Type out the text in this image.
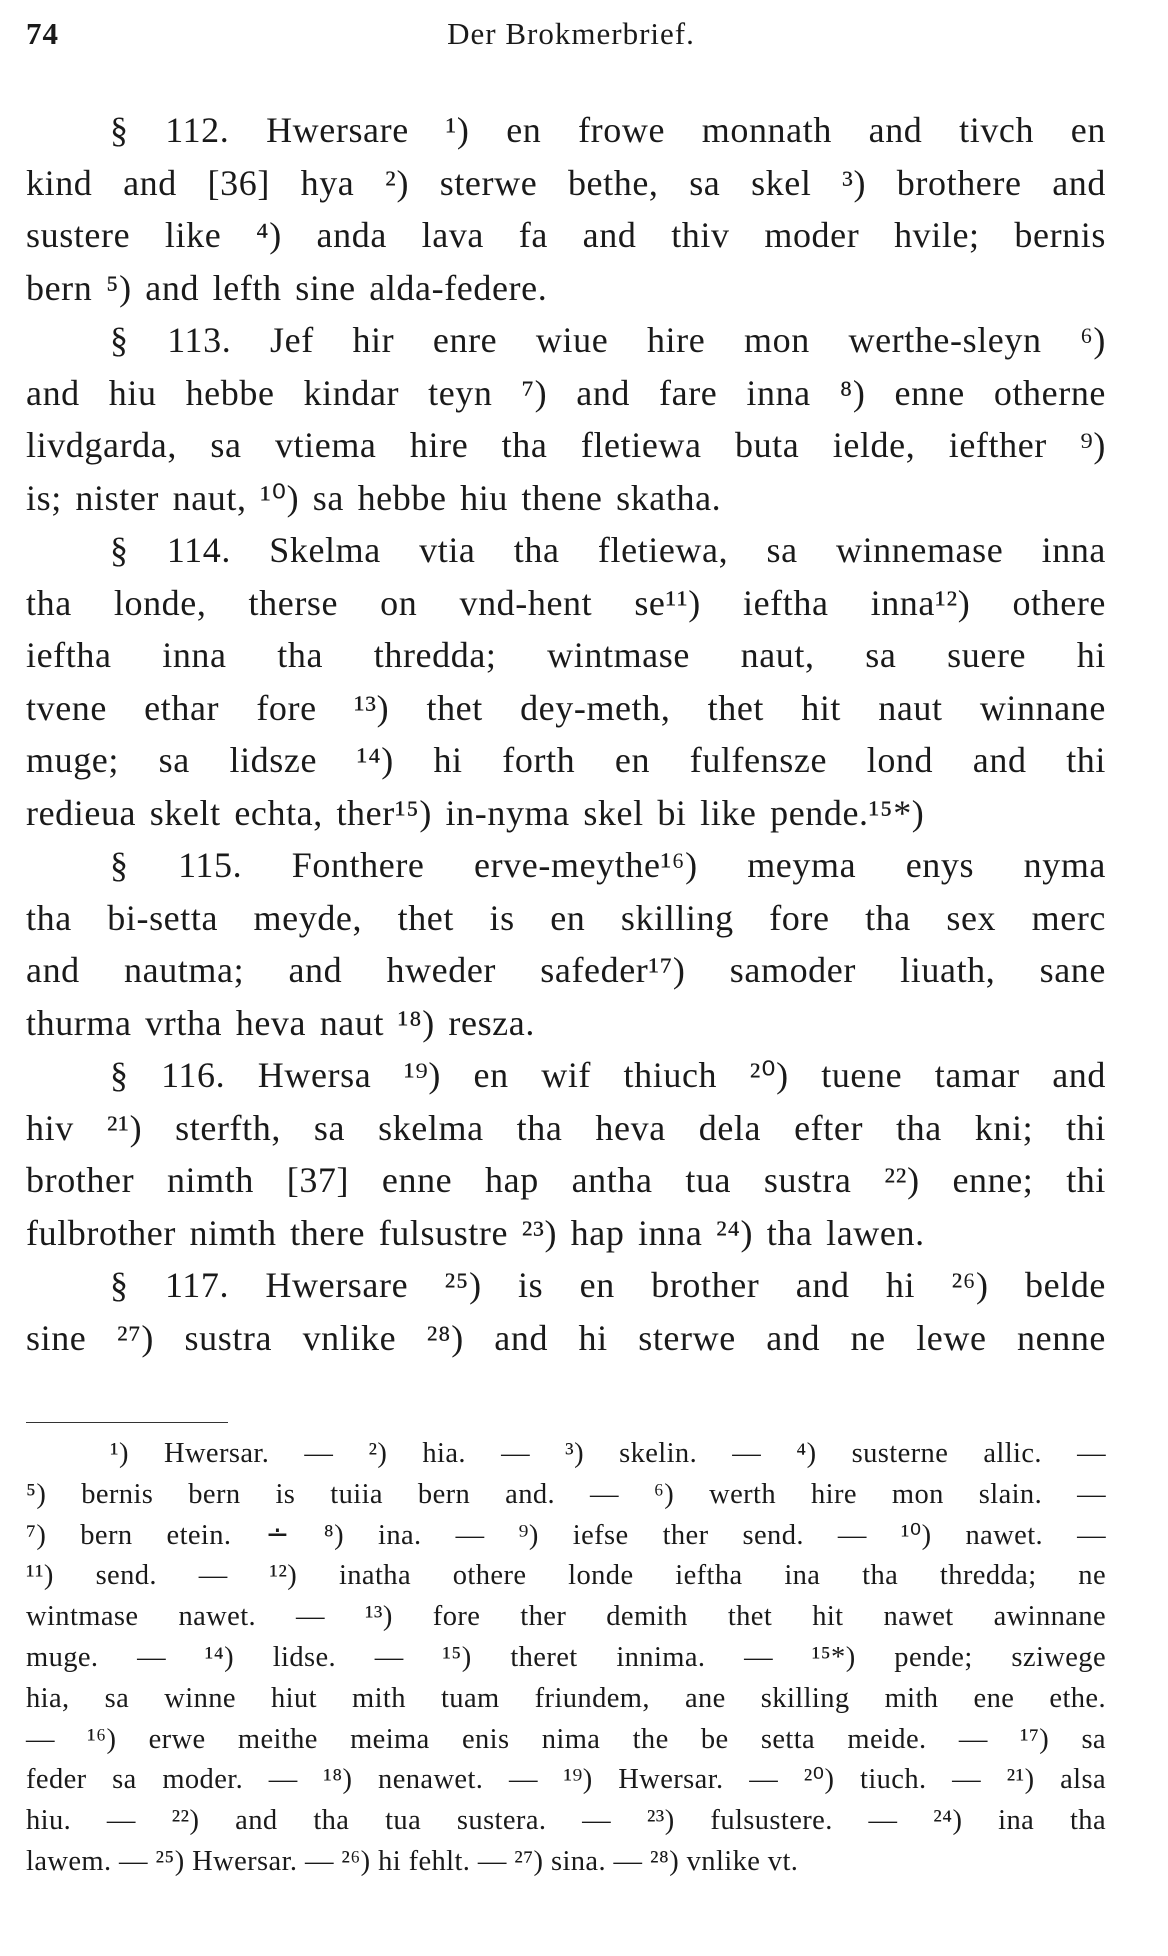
74	Der Brokmerbrief.
§ 112. Hwersare ¹) en frowe monnath and tivch en
kind and [36] hya ²) sterwe bethe, sa skel ³) brothere and
sustere like ⁴) anda lava fa and thiv moder hvile; bernis
bern ⁵) and lefth sine alda-federe.
§ 113. Jef hir enre wiue hire mon werthe-sleyn ⁶)
and hiu hebbe kindar teyn ⁷) and fare inna ⁸) enne otherne
livdgarda, sa vtiema hire tha fletiewa buta ielde, iefther ⁹)
is; nister naut, ¹⁰) sa hebbe hiu thene skatha.
§ 114. Skelma vtia tha fletiewa, sa winnemase inna
tha londe, therse on vnd-hent se¹¹) ieftha inna¹²) othere
ieftha inna tha thredda; wintmase naut, sa suere hi
tvene ethar fore ¹³) thet dey-meth, thet hit naut winnane
muge; sa lidsze ¹⁴) hi forth en fulfensze lond and thi
redieua skelt echta, ther¹⁵) in-nyma skel bi like pende.¹⁵*)
§ 115. Fonthere erve-meythe¹⁶) meyma enys nyma
tha bi-setta meyde, thet is en skilling fore tha sex merc
and nautma; and hweder safeder¹⁷) samoder liuath, sane
thurma vrtha heva naut ¹⁸) resza.
§ 116. Hwersa ¹⁹) en wif thiuch ²⁰) tuene tamar and
hiv ²¹) sterfth, sa skelma tha heva dela efter tha kni; thi
brother nimth [37] enne hap antha tua sustra ²²) enne; thi
fulbrother nimth there fulsustre ²³) hap inna ²⁴) tha lawen.
§ 117. Hwersare ²⁵) is en brother and hi ²⁶) belde
sine ²⁷) sustra vnlike ²⁸) and hi sterwe and ne lewe nenne
¹) Hwersar. — ²) hia. — ³) skelin. — ⁴) susterne allic. —
⁵) bernis bern is tuiia bern and. — ⁶) werth hire mon slain. —
⁷) bern etein. ∸ ⁸) ina. — ⁹) iefse ther send. — ¹⁰) nawet. —
¹¹) send. — ¹²) inatha othere londe ieftha ina tha thredda; ne
wintmase nawet. — ¹³) fore ther demith thet hit nawet awinnane
muge. — ¹⁴) lidse. — ¹⁵) theret innima. — ¹⁵*) pende; sziwege
hia, sa winne hiut mith tuam friundem, ane skilling mith ene ethe.
— ¹⁶) erwe meithe meima enis nima the be setta meide. — ¹⁷) sa
feder sa moder. — ¹⁸) nenawet. — ¹⁹) Hwersar. — ²⁰) tiuch. — ²¹) alsa
hiu. — ²²) and tha tua sustera. — ²³) fulsustere. — ²⁴) ina tha
lawem. — ²⁵) Hwersar. — ²⁶) hi fehlt. — ²⁷) sina. — ²⁸) vnlike vt.
